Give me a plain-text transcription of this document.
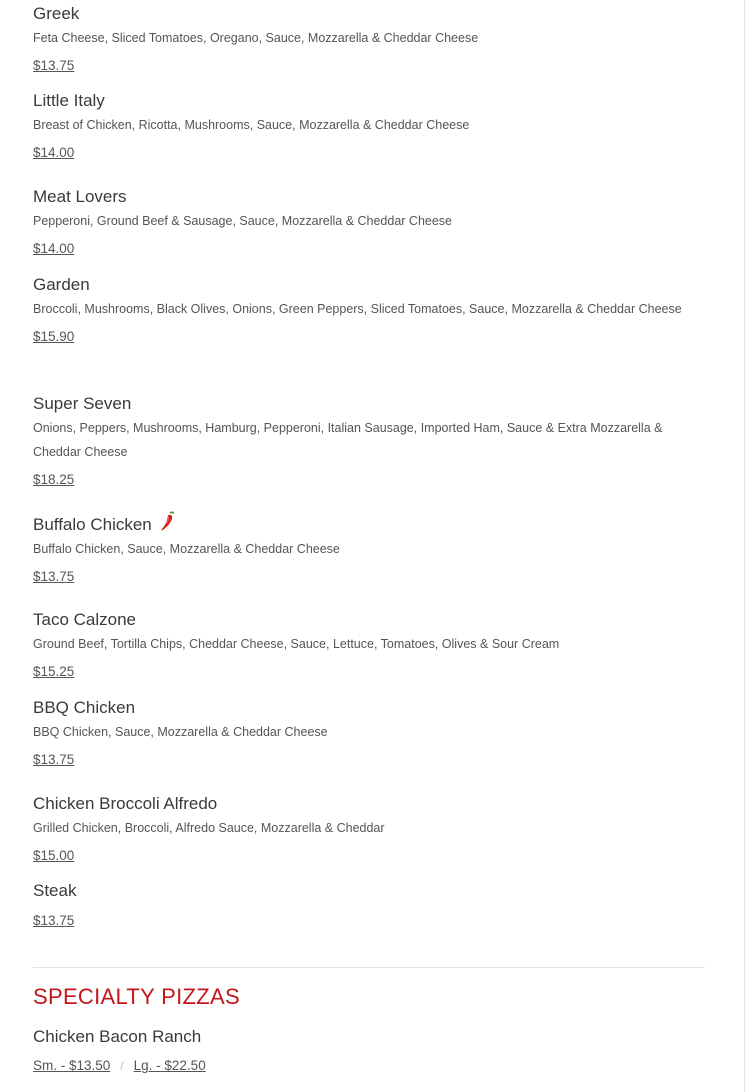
Greek
Feta Cheese, Sliced Tomatoes, Oregano, Sauce, Mozzarella & Cheddar Cheese
$13.75
Little Italy
Breast of Chicken, Ricotta, Mushrooms, Sauce, Mozzarella & Cheddar Cheese
$14.00
Meat Lovers
Pepperoni, Ground Beef & Sausage, Sauce, Mozzarella & Cheddar Cheese
$14.00
Garden
Broccoli, Mushrooms, Black Olives, Onions, Green Peppers, Sliced Tomatoes, Sauce, Mozzarella & Cheddar Cheese
$15.90
Super Seven
Onions, Peppers, Mushrooms, Hamburg, Pepperoni, Italian Sausage, Imported Ham, Sauce & Extra Mozzarella & Cheddar Cheese
$18.25
Buffalo Chicken
Buffalo Chicken, Sauce, Mozzarella & Cheddar Cheese
$13.75
Taco Calzone
Ground Beef, Tortilla Chips, Cheddar Cheese, Sauce, Lettuce, Tomatoes, Olives & Sour Cream
$15.25
BBQ Chicken
BBQ Chicken, Sauce, Mozzarella & Cheddar Cheese
$13.75
Chicken Broccoli Alfredo
Grilled Chicken, Broccoli, Alfredo Sauce, Mozzarella & Cheddar
$15.00
Steak
$13.75
SPECIALTY PIZZAS
Chicken Bacon Ranch
Sm. - $13.50 / Lg. - $22.50
